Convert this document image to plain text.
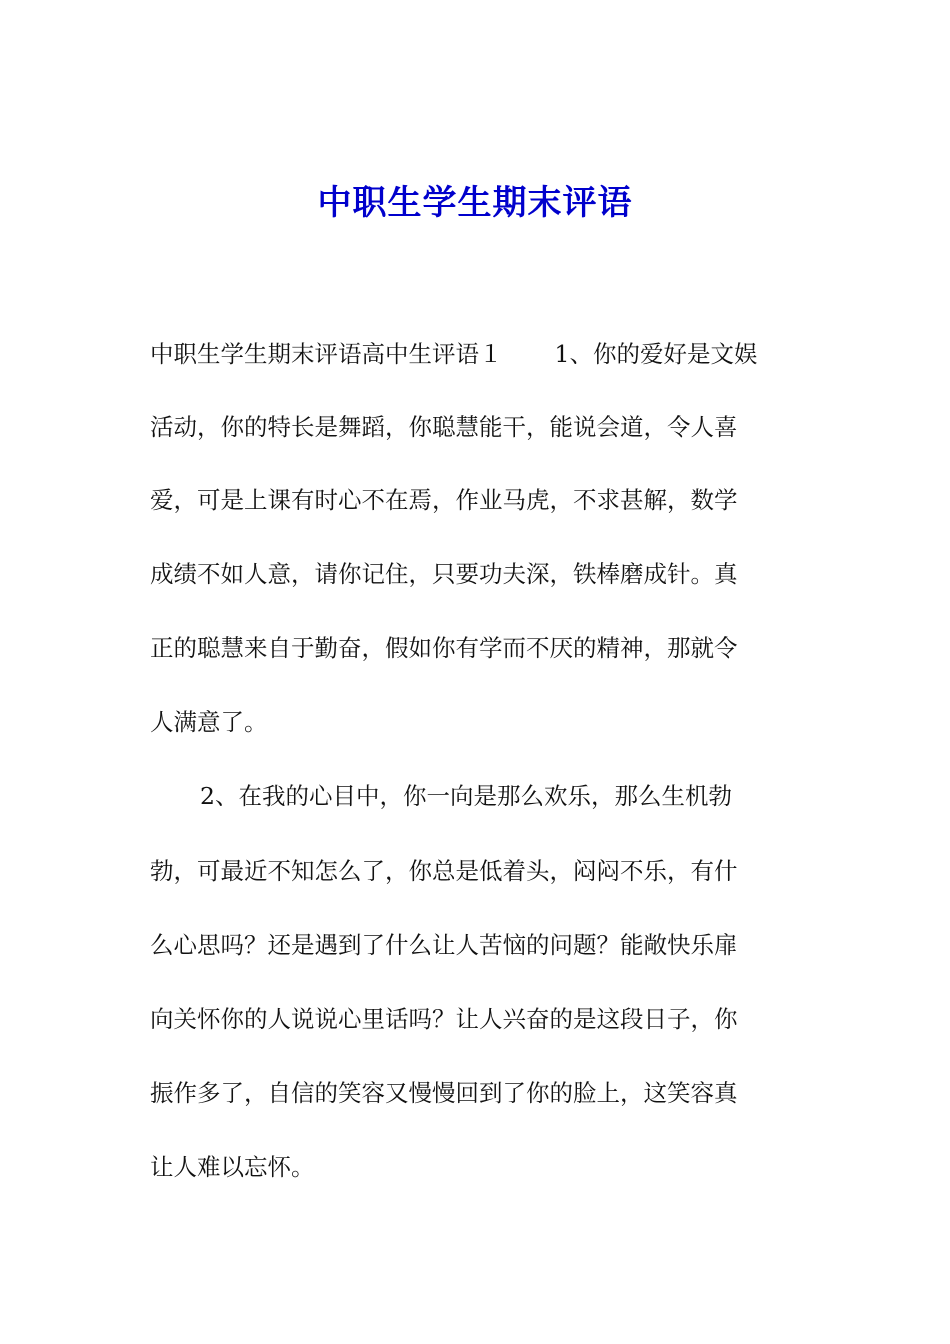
中职生学生期末评语
中职生学生期末评语高中生评语１ 1、你的爱好是文娱
活动，你的特长是舞蹈，你聪慧能干，能说会道，令人喜
爱，可是上课有时心不在焉，作业马虎，不求甚解，数学
成绩不如人意，请你记住，只要功夫深，铁棒磨成针。真
正的聪慧来自于勤奋，假如你有学而不厌的精神，那就令
人满意了。
2、在我的心目中，你一向是那么欢乐，那么生机勃
勃，可最近不知怎么了，你总是低着头，闷闷不乐，有什
么心思吗？还是遇到了什么让人苦恼的问题？能敞快乐扉
向关怀你的人说说心里话吗？让人兴奋的是这段日子，你
振作多了，自信的笑容又慢慢回到了你的脸上，这笑容真
让人难以忘怀。
